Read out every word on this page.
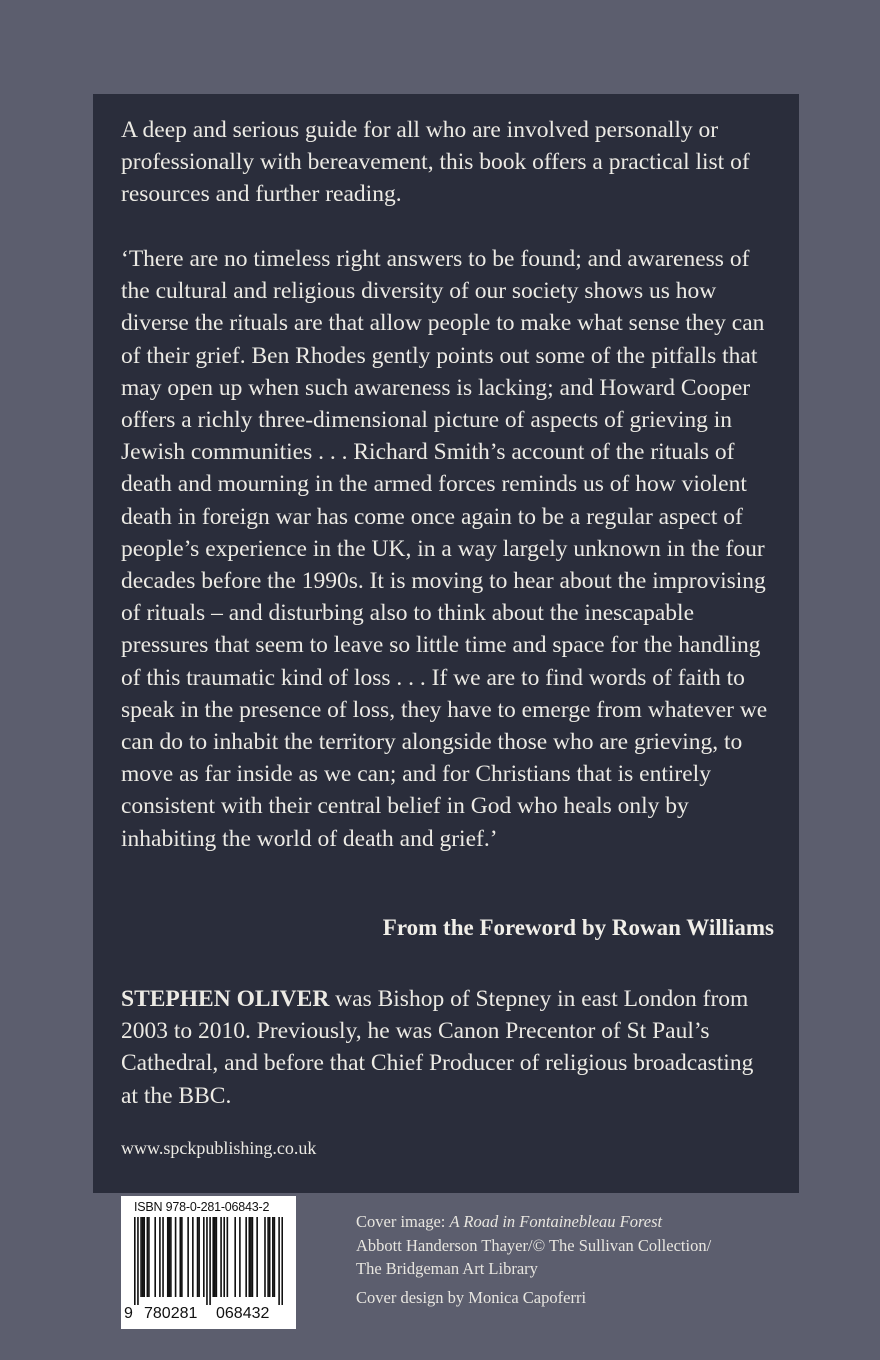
A deep and serious guide for all who are involved personally or professionally with bereavement, this book offers a practical list of resources and further reading.

‘There are no timeless right answers to be found; and awareness of the cultural and religious diversity of our society shows us how diverse the rituals are that allow people to make what sense they can of their grief. Ben Rhodes gently points out some of the pitfalls that may open up when such awareness is lacking; and Howard Cooper offers a richly three-dimensional picture of aspects of grieving in Jewish communities . . . Richard Smith’s account of the rituals of death and mourning in the armed forces reminds us of how violent death in foreign war has come once again to be a regular aspect of people’s experience in the UK, in a way largely unknown in the four decades before the 1990s. It is moving to hear about the improvising of rituals – and disturbing also to think about the inescapable pressures that seem to leave so little time and space for the handling of this traumatic kind of loss . . . If we are to find words of faith to speak in the presence of loss, they have to emerge from whatever we can do to inhabit the territory alongside those who are grieving, to move as far inside as we can; and for Christians that is entirely consistent with their central belief in God who heals only by inhabiting the world of death and grief.’

From the Foreword by Rowan Williams

STEPHEN OLIVER was Bishop of Stepney in east London from 2003 to 2010. Previously, he was Canon Precentor of St Paul’s Cathedral, and before that Chief Producer of religious broadcasting at the BBC.

www.spckpublishing.co.uk
ISBN 978-0-281-06843-2
9 780281 068432

Cover image: A Road in Fontainebleau Forest

Abbott Handerson Thayer/© The Sullivan Collection/

The Bridgeman Art Library

Cover design by Monica Capoferri
